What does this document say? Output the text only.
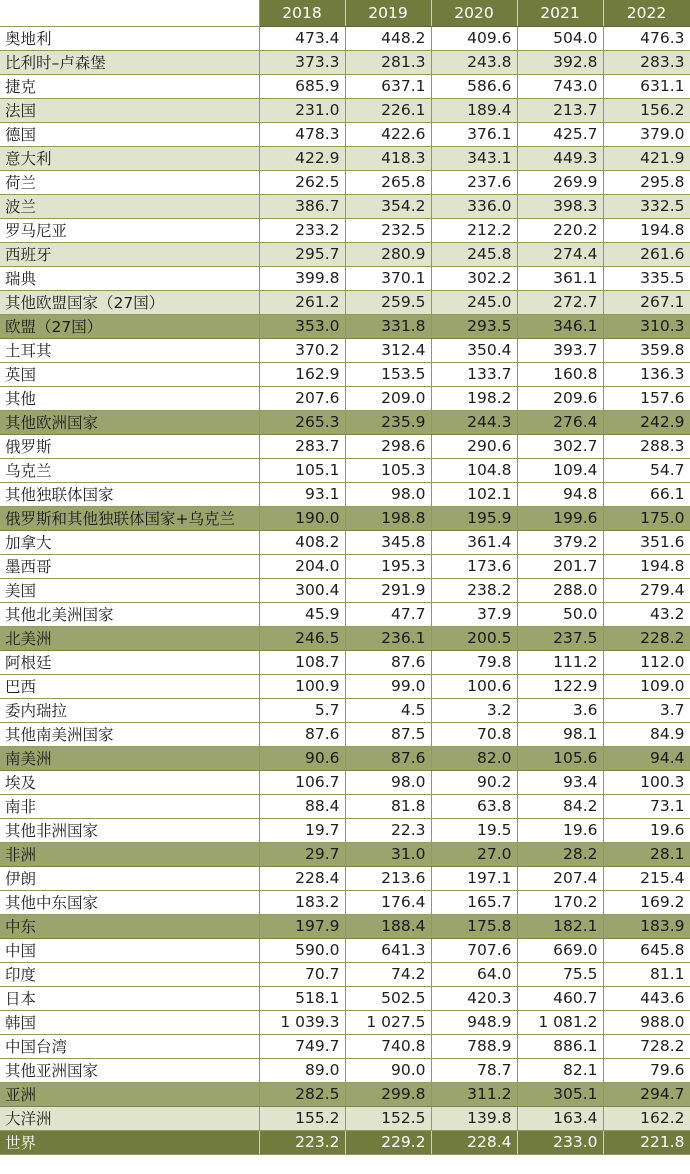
	2018	2019	2020	2021	2022
奥地利	473.4	448.2	409.6	504.0	476.3
比利时–卢森堡	373.3	281.3	243.8	392.8	283.3
捷克	685.9	637.1	586.6	743.0	631.1
法国	231.0	226.1	189.4	213.7	156.2
德国	478.3	422.6	376.1	425.7	379.0
意大利	422.9	418.3	343.1	449.3	421.9
荷兰	262.5	265.8	237.6	269.9	295.8
波兰	386.7	354.2	336.0	398.3	332.5
罗马尼亚	233.2	232.5	212.2	220.2	194.8
西班牙	295.7	280.9	245.8	274.4	261.6
瑞典	399.8	370.1	302.2	361.1	335.5
其他欧盟国家（27国）	261.2	259.5	245.0	272.7	267.1
欧盟（27国）	353.0	331.8	293.5	346.1	310.3
土耳其	370.2	312.4	350.4	393.7	359.8
英国	162.9	153.5	133.7	160.8	136.3
其他	207.6	209.0	198.2	209.6	157.6
其他欧洲国家	265.3	235.9	244.3	276.4	242.9
俄罗斯	283.7	298.6	290.6	302.7	288.3
乌克兰	105.1	105.3	104.8	109.4	54.7
其他独联体国家	93.1	98.0	102.1	94.8	66.1
俄罗斯和其他独联体国家+乌克兰	190.0	198.8	195.9	199.6	175.0
加拿大	408.2	345.8	361.4	379.2	351.6
墨西哥	204.0	195.3	173.6	201.7	194.8
美国	300.4	291.9	238.2	288.0	279.4
其他北美洲国家	45.9	47.7	37.9	50.0	43.2
北美洲	246.5	236.1	200.5	237.5	228.2
阿根廷	108.7	87.6	79.8	111.2	112.0
巴西	100.9	99.0	100.6	122.9	109.0
委内瑞拉	5.7	4.5	3.2	3.6	3.7
其他南美洲国家	87.6	87.5	70.8	98.1	84.9
南美洲	90.6	87.6	82.0	105.6	94.4
埃及	106.7	98.0	90.2	93.4	100.3
南非	88.4	81.8	63.8	84.2	73.1
其他非洲国家	19.7	22.3	19.5	19.6	19.6
非洲	29.7	31.0	27.0	28.2	28.1
伊朗	228.4	213.6	197.1	207.4	215.4
其他中东国家	183.2	176.4	165.7	170.2	169.2
中东	197.9	188.4	175.8	182.1	183.9
中国	590.0	641.3	707.6	669.0	645.8
印度	70.7	74.2	64.0	75.5	81.1
日本	518.1	502.5	420.3	460.7	443.6
韩国	1 039.3	1 027.5	948.9	1 081.2	988.0
中国台湾	749.7	740.8	788.9	886.1	728.2
其他亚洲国家	89.0	90.0	78.7	82.1	79.6
亚洲	282.5	299.8	311.2	305.1	294.7
大洋洲	155.2	152.5	139.8	163.4	162.2
世界	223.2	229.2	228.4	233.0	221.8
